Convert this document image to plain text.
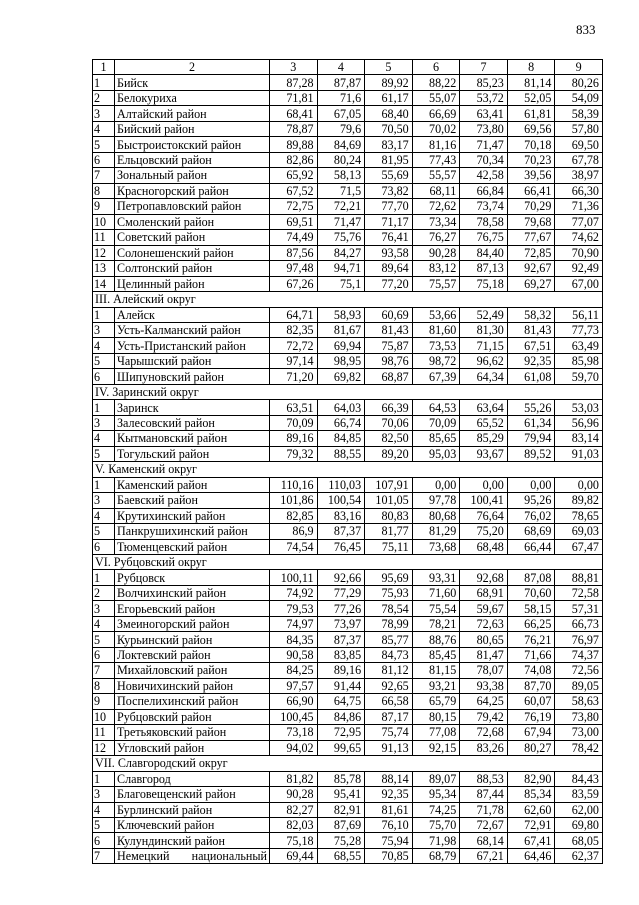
833
1	2	3	4	5	6	7	8	9
1	Бийск	87,28	87,87	89,92	88,22	85,23	81,14	80,26
2	Белокуриха	71,81	71,6	61,17	55,07	53,72	52,05	54,09
3	Алтайский район	68,41	67,05	68,40	66,69	63,41	61,81	58,39
4	Бийский район	78,87	79,6	70,50	70,02	73,80	69,56	57,80
5	Быстроистокский район	89,88	84,69	83,17	81,16	71,47	70,18	69,50
6	Ельцовский район	82,86	80,24	81,95	77,43	70,34	70,23	67,78
7	Зональный район	65,92	58,13	55,69	55,57	42,58	39,56	38,97
8	Красногорский район	67,52	71,5	73,82	68,11	66,84	66,41	66,30
9	Петропавловский район	72,75	72,21	77,70	72,62	73,74	70,29	71,36
10	Смоленский район	69,51	71,47	71,17	73,34	78,58	79,68	77,07
11	Советский район	74,49	75,76	76,41	76,27	76,75	77,67	74,62
12	Солонешенский район	87,56	84,27	93,58	90,28	84,40	72,85	70,90
13	Солтонский район	97,48	94,71	89,64	83,12	87,13	92,67	92,49
14	Целинный район	67,26	75,1	77,20	75,57	75,18	69,27	67,00
III. Алейский округ								
1	Алейск	64,71	58,93	60,69	53,66	52,49	58,32	56,11
3	Усть-Калманский район	82,35	81,67	81,43	81,60	81,30	81,43	77,73
4	Усть-Пристанский район	72,72	69,94	75,87	73,53	71,15	67,51	63,49
5	Чарышский район	97,14	98,95	98,76	98,72	96,62	92,35	85,98
6	Шипуновский район	71,20	69,82	68,87	67,39	64,34	61,08	59,70
IV. Заринский округ								
1	Заринск	63,51	64,03	66,39	64,53	63,64	55,26	53,03
3	Залесовский район	70,09	66,74	70,06	70,09	65,52	61,34	56,96
4	Кытмановский район	89,16	84,85	82,50	85,65	85,29	79,94	83,14
5	Тогульский район	79,32	88,55	89,20	95,03	93,67	89,52	91,03
V. Каменский округ								
1	Каменский район	110,16	110,03	107,91	0,00	0,00	0,00	0,00
3	Баевский район	101,86	100,54	101,05	97,78	100,41	95,26	89,82
4	Крутихинский район	82,85	83,16	80,83	80,68	76,64	76,02	78,65
5	Панкрушихинский район	86,9	87,37	81,77	81,29	75,20	68,69	69,03
6	Тюменцевский район	74,54	76,45	75,11	73,68	68,48	66,44	67,47
VI. Рубцовский округ								
1	Рубцовск	100,11	92,66	95,69	93,31	92,68	87,08	88,81
2	Волчихинский район	74,92	77,29	75,93	71,60	68,91	70,60	72,58
3	Егорьевский район	79,53	77,26	78,54	75,54	59,67	58,15	57,31
4	Змеиногорский район	74,97	73,97	78,99	78,21	72,63	66,25	66,73
5	Курьинский район	84,35	87,37	85,77	88,76	80,65	76,21	76,97
6	Локтевский район	90,58	83,85	84,73	85,45	81,47	71,66	74,37
7	Михайловский район	84,25	89,16	81,12	81,15	78,07	74,08	72,56
8	Новичихинский район	97,57	91,44	92,65	93,21	93,38	87,70	89,05
9	Поспелихинский район	66,90	64,75	66,58	65,79	64,25	60,07	58,63
10	Рубцовский район	100,45	84,86	87,17	80,15	79,42	76,19	73,80
11	Третьяковский район	73,18	72,95	75,74	77,08	72,68	67,94	73,00
12	Угловский район	94,02	99,65	91,13	92,15	83,26	80,27	78,42
VII. Славгородский округ								
1	Славгород	81,82	85,78	88,14	89,07	88,53	82,90	84,43
3	Благовещенский район	90,28	95,41	92,35	95,34	87,44	85,34	83,59
4	Бурлинский район	82,27	82,91	81,61	74,25	71,78	62,60	62,00
5	Ключевский район	82,03	87,69	76,10	75,70	72,67	72,91	69,80
6	Кулундинский район	75,18	75,28	75,94	71,98	68,14	67,41	68,05
7	Немецкий национальный	69,44	68,55	70,85	68,79	67,21	64,46	62,37
